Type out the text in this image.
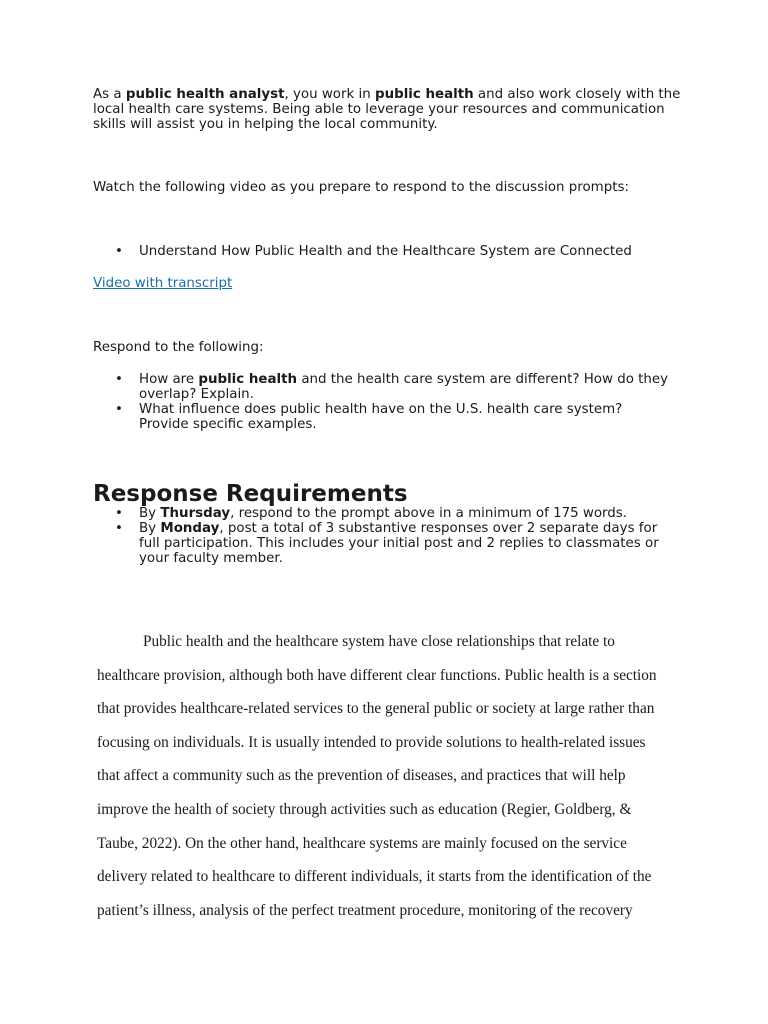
As a public health analyst, you work in public health and also work closely with the local health care systems. Being able to leverage your resources and communication skills will assist you in helping the local community.

Watch the following video as you prepare to respond to the discussion prompts:

• Understand How Public Health and the Healthcare System are Connected

Video with transcript

Respond to the following:

• How are public health and the health care system are different? How do they overlap? Explain.
• What influence does public health have on the U.S. health care system? Provide specific examples.
Response Requirements
• By Thursday, respond to the prompt above in a minimum of 175 words.
• By Monday, post a total of 3 substantive responses over 2 separate days for full participation. This includes your initial post and 2 replies to classmates or your faculty member.

Public health and the healthcare system have close relationships that relate to

healthcare provision, although both have different clear functions. Public health is a section

that provides healthcare-related services to the general public or society at large rather than

focusing on individuals. It is usually intended to provide solutions to health-related issues

that affect a community such as the prevention of diseases, and practices that will help

improve the health of society through activities such as education (Regier, Goldberg, &

Taube, 2022). On the other hand, healthcare systems are mainly focused on the service

delivery related to healthcare to different individuals, it starts from the identification of the

patient’s illness, analysis of the perfect treatment procedure, monitoring of the recovery
